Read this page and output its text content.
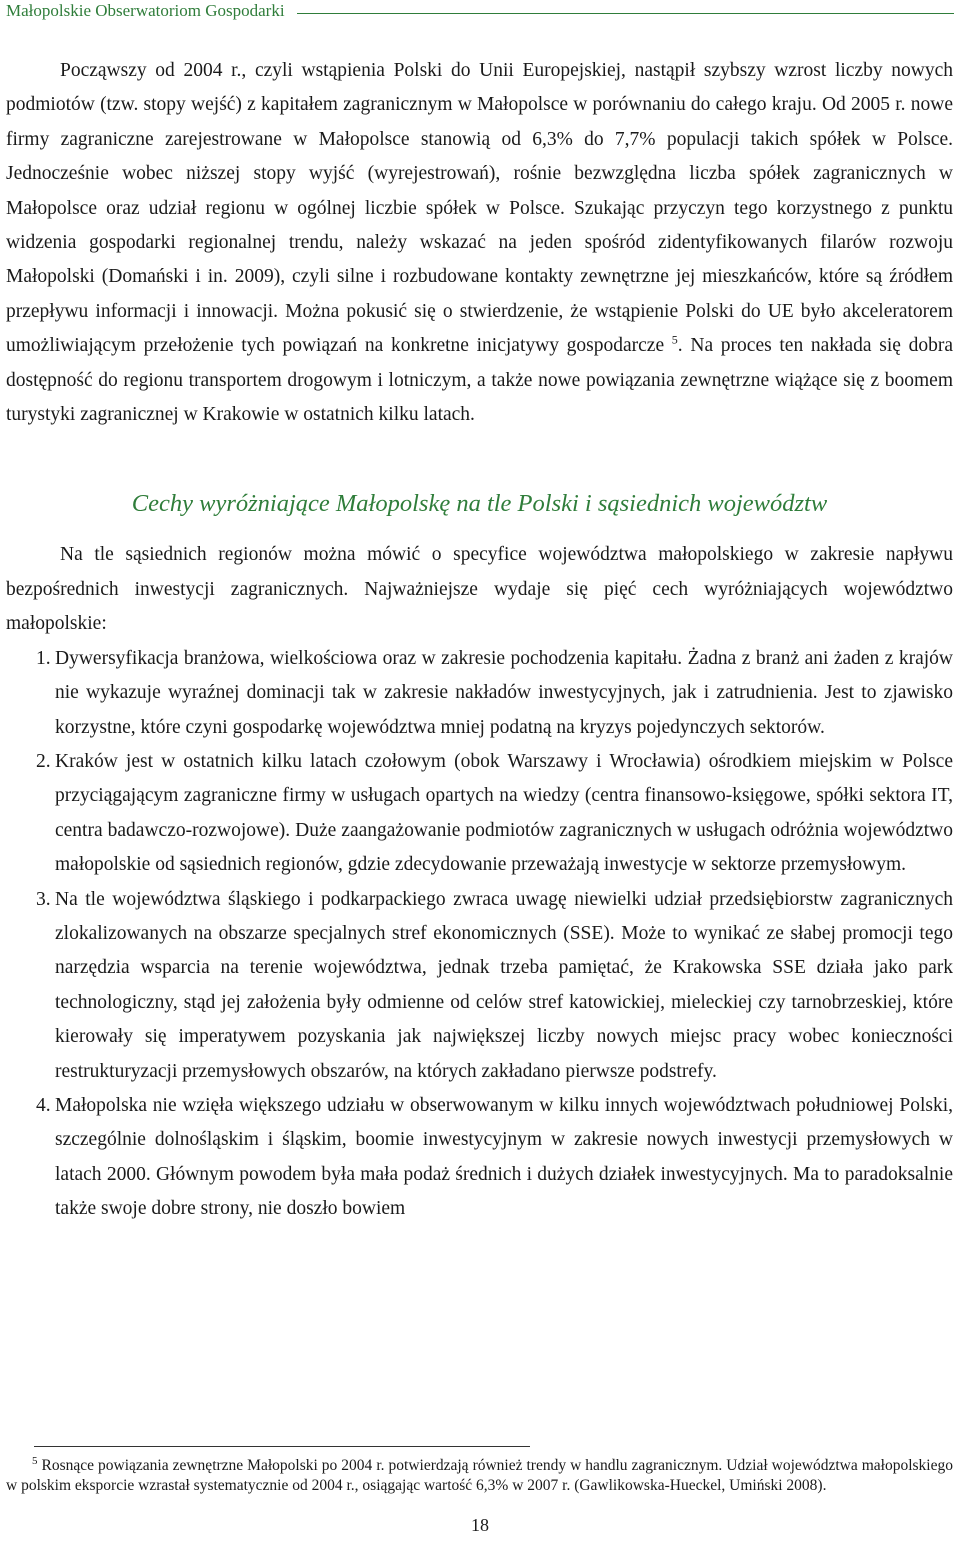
Małopolskie Obserwatoriom Gospodarki

Począwszy od 2004 r., czyli wstąpienia Polski do Unii Europejskiej, nastąpił szybszy wzrost liczby nowych podmiotów (tzw. stopy wejść) z kapitałem zagranicznym w Małopolsce w porównaniu do całego kraju. Od 2005 r. nowe firmy zagraniczne zarejestrowane w Małopolsce stanowią od 6,3% do 7,7% populacji takich spółek w Polsce. Jednocześnie wobec niższej stopy wyjść (wyrejestrowań), rośnie bezwzględna liczba spółek zagranicznych w Małopolsce oraz udział regionu w ogólnej liczbie spółek w Polsce. Szukając przyczyn tego korzystnego z punktu widzenia gospodarki regionalnej trendu, należy wskazać na jeden spośród zidentyfikowanych filarów rozwoju Małopolski (Domański i in. 2009), czyli silne i rozbudowane kontakty zewnętrzne jej mieszkańców, które są źródłem przepływu informacji i innowacji. Można pokusić się o stwierdzenie, że wstąpienie Polski do UE było akceleratorem umożliwiającym przełożenie tych powiązań na konkretne inicjatywy gospodarcze $^5$. Na proces ten nakłada się dobra dostępność do regionu transportem drogowym i lotniczym, a także nowe powiązania zewnętrzne wiążące się z boomem turystyki zagranicznej w Krakowie w ostatnich kilku latach.

Cechy wyróżniające Małopolskę na tle Polski i sąsiednich województw

Na tle sąsiednich regionów można mówić o specyfice województwa małopolskiego w zakresie napływu bezpośrednich inwestycji zagranicznych. Najważniejsze wydaje się pięć cech wyróżniających województwo małopolskie:

1. Dywersyfikacja branżowa, wielkościowa oraz w zakresie pochodzenia kapitału. Żadna z branż ani żaden z krajów nie wykazuje wyraźnej dominacji tak w zakresie nakładów inwestycyjnych, jak i zatrudnienia. Jest to zjawisko korzystne, które czyni gospodarkę województwa mniej podatną na kryzys pojedynczych sektorów.
2. Kraków jest w ostatnich kilku latach czołowym (obok Warszawy i Wrocławia) ośrodkiem miejskim w Polsce przyciągającym zagraniczne firmy w usługach opartych na wiedzy (centra finansowo-księgowe, spółki sektora IT, centra badawczo-rozwojowe). Duże zaangażowanie podmiotów zagranicznych w usługach odróżnia województwo małopolskie od sąsiednich regionów, gdzie zdecydowanie przeważają inwestycje w sektorze przemysłowym.
3. Na tle województwa śląskiego i podkarpackiego zwraca uwagę niewielki udział przedsiębiorstw zagranicznych zlokalizowanych na obszarze specjalnych stref ekonomicznych (SSE). Może to wynikać ze słabej promocji tego narzędzia wsparcia na terenie województwa, jednak trzeba pamiętać, że Krakowska SSE działa jako park technologiczny, stąd jej założenia były odmienne od celów stref katowickiej, mieleckiej czy tarnobrzeskiej, które kierowały się imperatywem pozyskania jak największej liczby nowych miejsc pracy wobec konieczności restrukturyzacji przemysłowych obszarów, na których zakładano pierwsze podstrefy.
4. Małopolska nie wzięła większego udziału w obserwowanym w kilku innych województwach południowej Polski, szczególnie dolnośląskim i śląskim, boomie inwestycyjnym w zakresie nowych inwestycji przemysłowych w latach 2000. Głównym powodem była mała podaż średnich i dużych działek inwestycyjnych. Ma to paradoksalnie także swoje dobre strony, nie doszło bowiem
$^5$ Rosnące powiązania zewnętrzne Małopolski po 2004 r. potwierdzają również trendy w handlu zagranicznym. Udział województwa małopolskiego w polskim eksporcie wzrastał systematycznie od 2004 r., osiągając wartość 6,3% w 2007 r. (Gawlikowska-Hueckel, Umiński 2008).
18
